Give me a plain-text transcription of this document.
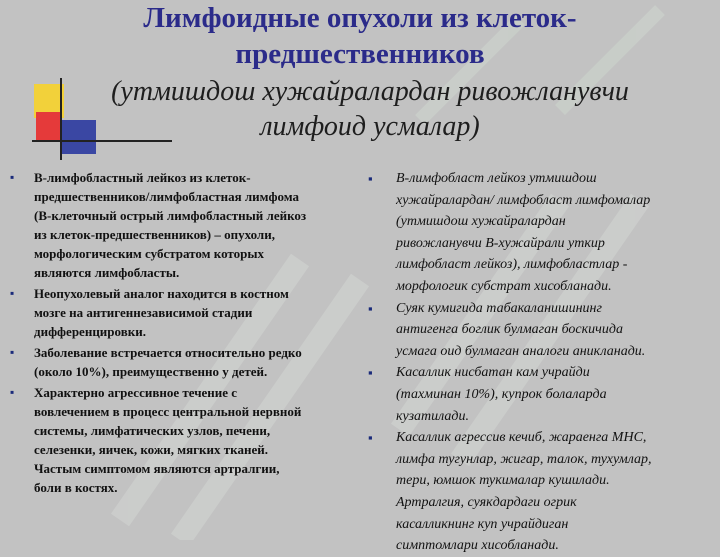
Лимфоидные опухоли из клеток-
предшественников
(утмишдош хужайралардан ривожланувчи
лимфоид усмалар)
▪ В-лимфобластный лейкоз из клеток-
предшественников/лимфобластная лимфома
(В-клеточный острый лимфобластный лейкоз
из клеток-предшественников) – опухоли,
морфологическим субстратом которых
являются лимфобласты.
▪ Неопухолевый аналог находится в костном
мозге на антигеннезависимой стадии
дифференцировки.
▪ Заболевание встречается относительно редко
(около 10%), преимущественно у детей.
▪ Характерно агрессивное течение с
вовлечением в процесс центральной нервной
системы, лимфатических узлов, печени,
селезенки, яичек, кожи, мягких тканей.
Частым симптомом являются артралгии,
боли в костях.
▪ В-лимфобласт лейкоз утмишдош
хужайралардан/ лимфобласт лимфомалар
(утмишдош хужайралардан
ривожланувчи В-хужайрали уткир
лимфобласт лейкоз), лимфобластлар -
морфологик субстрат хисобланади.
▪ Суяк кумигида табакаланишининг
антигенга боглик булмаган боскичида
усмага оид булмаган аналоги аникланади.
▪ Касаллик нисбатан кам учрайди
(тахминан 10%), купрок болаларда
кузатилади.
▪ Касаллик агрессив кечиб, жараенга МНС,
лимфа тугунлар, жигар, талок, тухумлар,
тери, юмшок тукималар кушилади.
Артралгия, суякдардаги огрик
касалликнинг куп учрайдиган
симптомлари хисобланади.
